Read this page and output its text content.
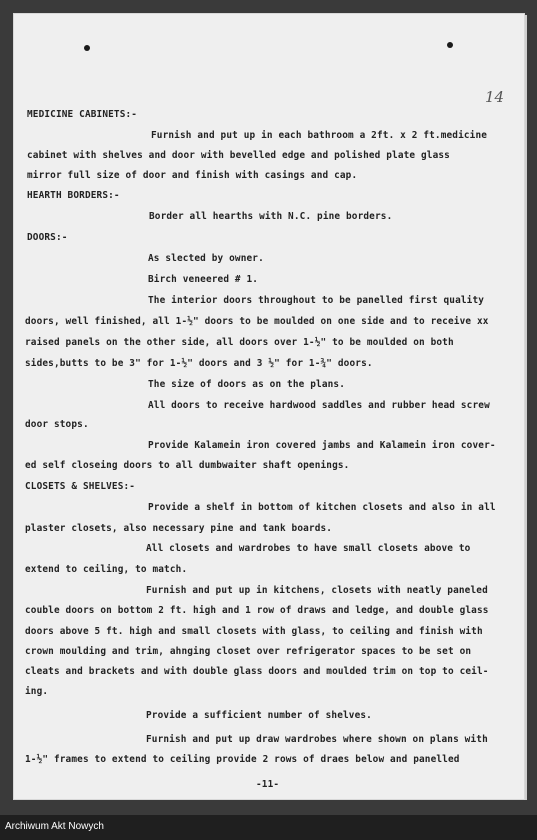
14
MEDICINE CABINETS:-
Furnish and put up in each bathroom a 2ft. x 2 ft.medicine
cabinet with shelves and door with bevelled edge and polished plate glass
mirror full size of door and finish with casings and cap.
HEARTH BORDERS:-
Border all hearths with N.C. pine borders.
DOORS:-
As slected by owner.
Birch veneered # 1.
The interior doors throughout to be panelled first quality
doors, well finished, all 1-½" doors to be moulded on one side and to receive xx
raised panels on the other side, all doors over 1-½" to be moulded on both
sides,butts to be 3" for 1-½" doors and 3 ½" for 1-¾" doors.
The size of doors as on the plans.
All doors to receive hardwood saddles and rubber head screw
door stops.
Provide Kalamein iron covered jambs and Kalamein iron cover-
ed self closeing doors to all dumbwaiter shaft openings.
CLOSETS & SHELVES:-
Provide a shelf in bottom of kitchen closets and also in all
plaster closets, also necessary pine and tank boards.
All closets and wardrobes to have small closets above to
extend to ceiling, to match.
Furnish and put up in kitchens, closets with neatly paneled
couble doors on bottom 2 ft. high and 1 row of draws and ledge, and double glass
doors above 5 ft. high and small closets with glass, to ceiling and finish with
crown moulding and trim, ahnging closet over refrigerator spaces to be set on
cleats and brackets and with double glass doors and moulded trim on top to ceil-
ing.
Provide a sufficient number of shelves.
Furnish and put up draw wardrobes where shown on plans with
1-½" frames to extend to ceiling provide 2 rows of draes below and panelled
-11-
Archiwum Akt Nowych
